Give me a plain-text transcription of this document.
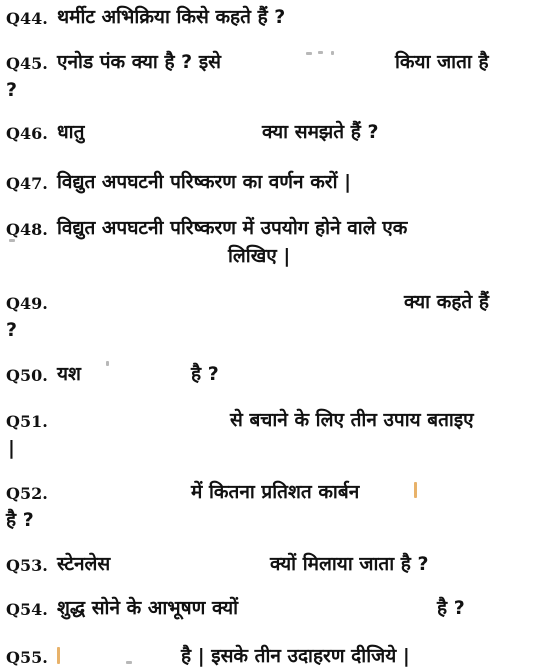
Q44. थर्मीट अभिक्रिया किसे कहते हैं ?
Q45. एनोड पंक क्या है ? इसे	किया जाता है
?
Q46. धातु	क्या समझते हैं ?
Q47. विद्युत अपघटनी परिष्करण का वर्णन करों |
Q48. विद्युत अपघटनी परिष्करण में उपयोग होने वाले एक
लिखिए |
Q49.	क्या कहते हैं
?
Q50. यश	है ?
Q51.	से बचाने के लिए तीन उपाय बताइए
|
Q52.	में कितना प्रतिशत कार्बन
है ?
Q53. स्टेनलेस	क्यों मिलाया जाता है ?
Q54. शुद्ध सोने के आभूषण क्यों	है ?
Q55.	है | इसके तीन उदाहरण दीजिये |
